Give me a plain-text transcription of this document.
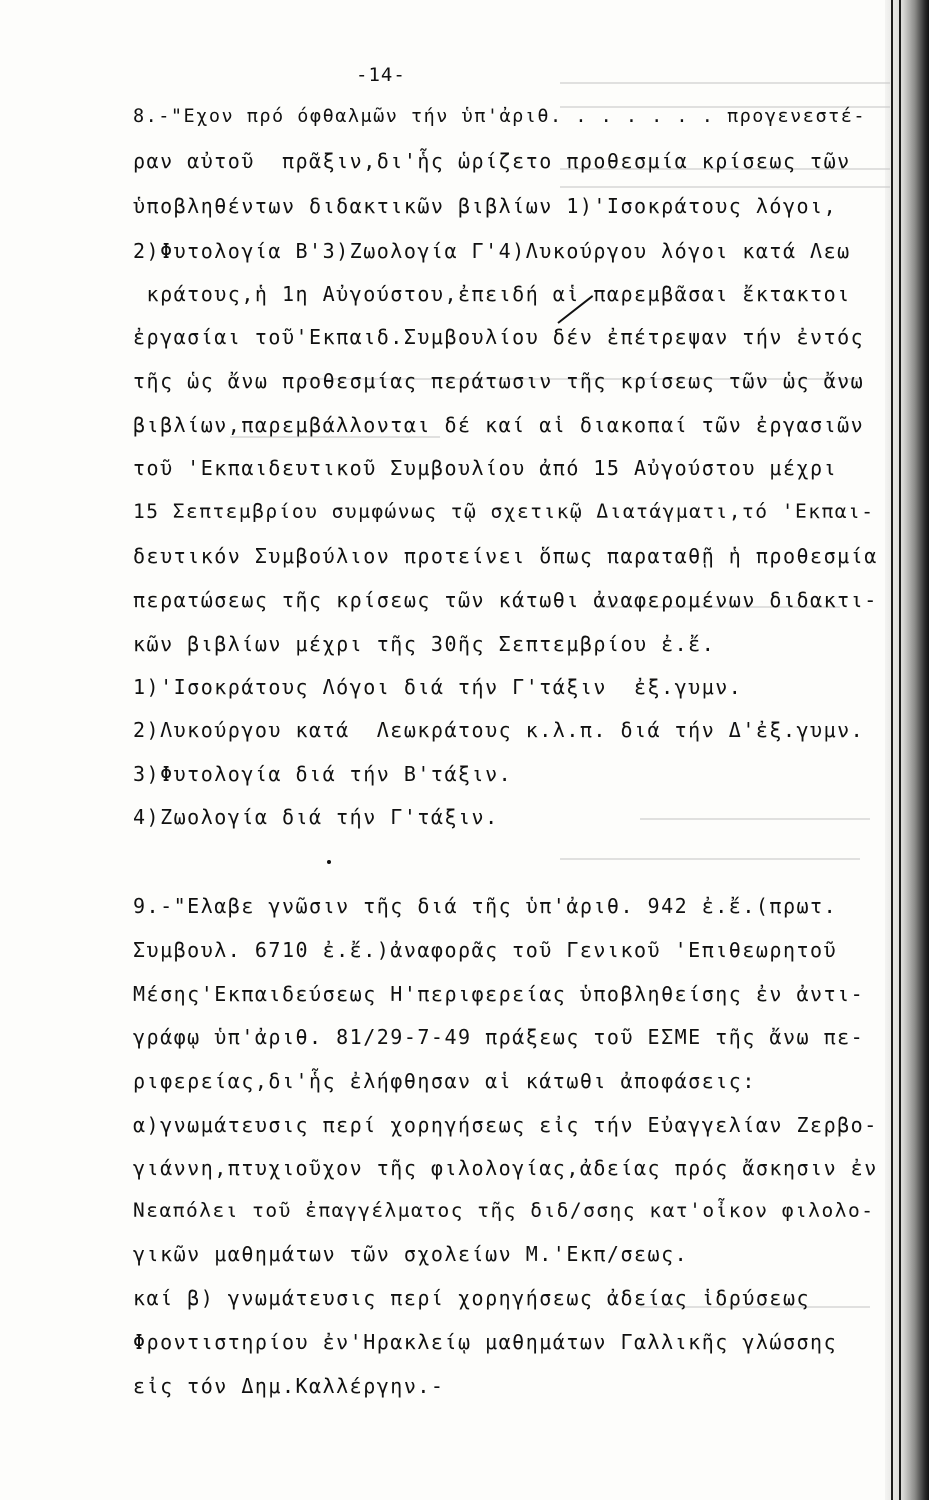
-14-
8.-"Εχον πρό όφθαλμῶν τήν ὑπ'ἀριθ. . . . . . . προγενεστέ-
ραν αὐτοῦ  πρᾶξιν,δι'ἧς ὡρίζετο προθεσμία κρίσεως τῶν
ὑποβληθέντων διδακτικῶν βιβλίων 1)'Ισοκράτους λόγοι,
2)Φυτολογία Β'3)Ζωολογία Γ'4)Λυκούργου λόγοι κατά Λεω
κράτους,ἡ 1η Αὐγούστου,ἐπειδή αἱ παρεμβᾶσαι ἔκτακτοι
ἐργασίαι τοῦ'Εκπαιδ.Συμβουλίου δέν ἐπέτρεψαν τήν ἐντός
τῆς ὡς ἄνω προθεσμίας περάτωσιν τῆς κρίσεως τῶν ὡς ἄνω
βιβλίων,παρεμβάλλονται δέ καί αἱ διακοπαί τῶν ἐργασιῶν
τοῦ 'Εκπαιδευτικοῦ Συμβουλίου ἀπό 15 Αὐγούστου μέχρι
15 Σεπτεμβρίου συμφώνως τῷ σχετικῷ Διατάγματι,τό 'Εκπαι-
δευτικόν Συμβούλιον προτείνει ὅπως παραταθῇ ἡ προθεσμία
περατώσεως τῆς κρίσεως τῶν κάτωθι ἀναφερομένων διδακτι-
κῶν βιβλίων μέχρι τῆς 30ῆς Σεπτεμβρίου ἐ.ἔ.
1)'Ισοκράτους Λόγοι διά τήν Γ'τάξιν  ἐξ.γυμν.
2)Λυκούργου κατά  Λεωκράτους κ.λ.π. διά τήν Δ'ἐξ.γυμν.
3)Φυτολογία διά τήν Β'τάξιν.
4)Ζωολογία διά τήν Γ'τάξιν.
9.-"Ελαβε γνῶσιν τῆς διά τῆς ὑπ'ἀριθ. 942 ἐ.ἔ.(πρωτ.
Συμβουλ. 6710 ἐ.ἔ.)ἀναφορᾶς τοῦ Γενικοῦ 'Επιθεωρητοῦ
Μέσης'Εκπαιδεύσεως Η'περιφερείας ὑποβληθείσης ἐν ἀντι-
γράφῳ ὑπ'ἀριθ. 81/29-7-49 πράξεως τοῦ ΕΣΜΕ τῆς ἄνω πε-
ριφερείας,δι'ἧς ἐλήφθησαν αἱ κάτωθι ἀποφάσεις:
α)γνωμάτευσις περί χορηγήσεως εἰς τήν Εὐαγγελίαν Ζερβο-
γιάννη,πτυχιοῦχον τῆς φιλολογίας,ἀδείας πρός ἄσκησιν ἐν
Νεαπόλει τοῦ ἐπαγγέλματος τῆς διδ/σσης κατ'οἶκον φιλολο-
γικῶν μαθημάτων τῶν σχολείων Μ.'Εκπ/σεως.
καί β) γνωμάτευσις περί χορηγήσεως ἀδείας ἱδρύσεως
Φροντιστηρίου ἐν'Ηρακλείῳ μαθημάτων Γαλλικῆς γλώσσης
εἰς τόν Δημ.Καλλέργην.-
